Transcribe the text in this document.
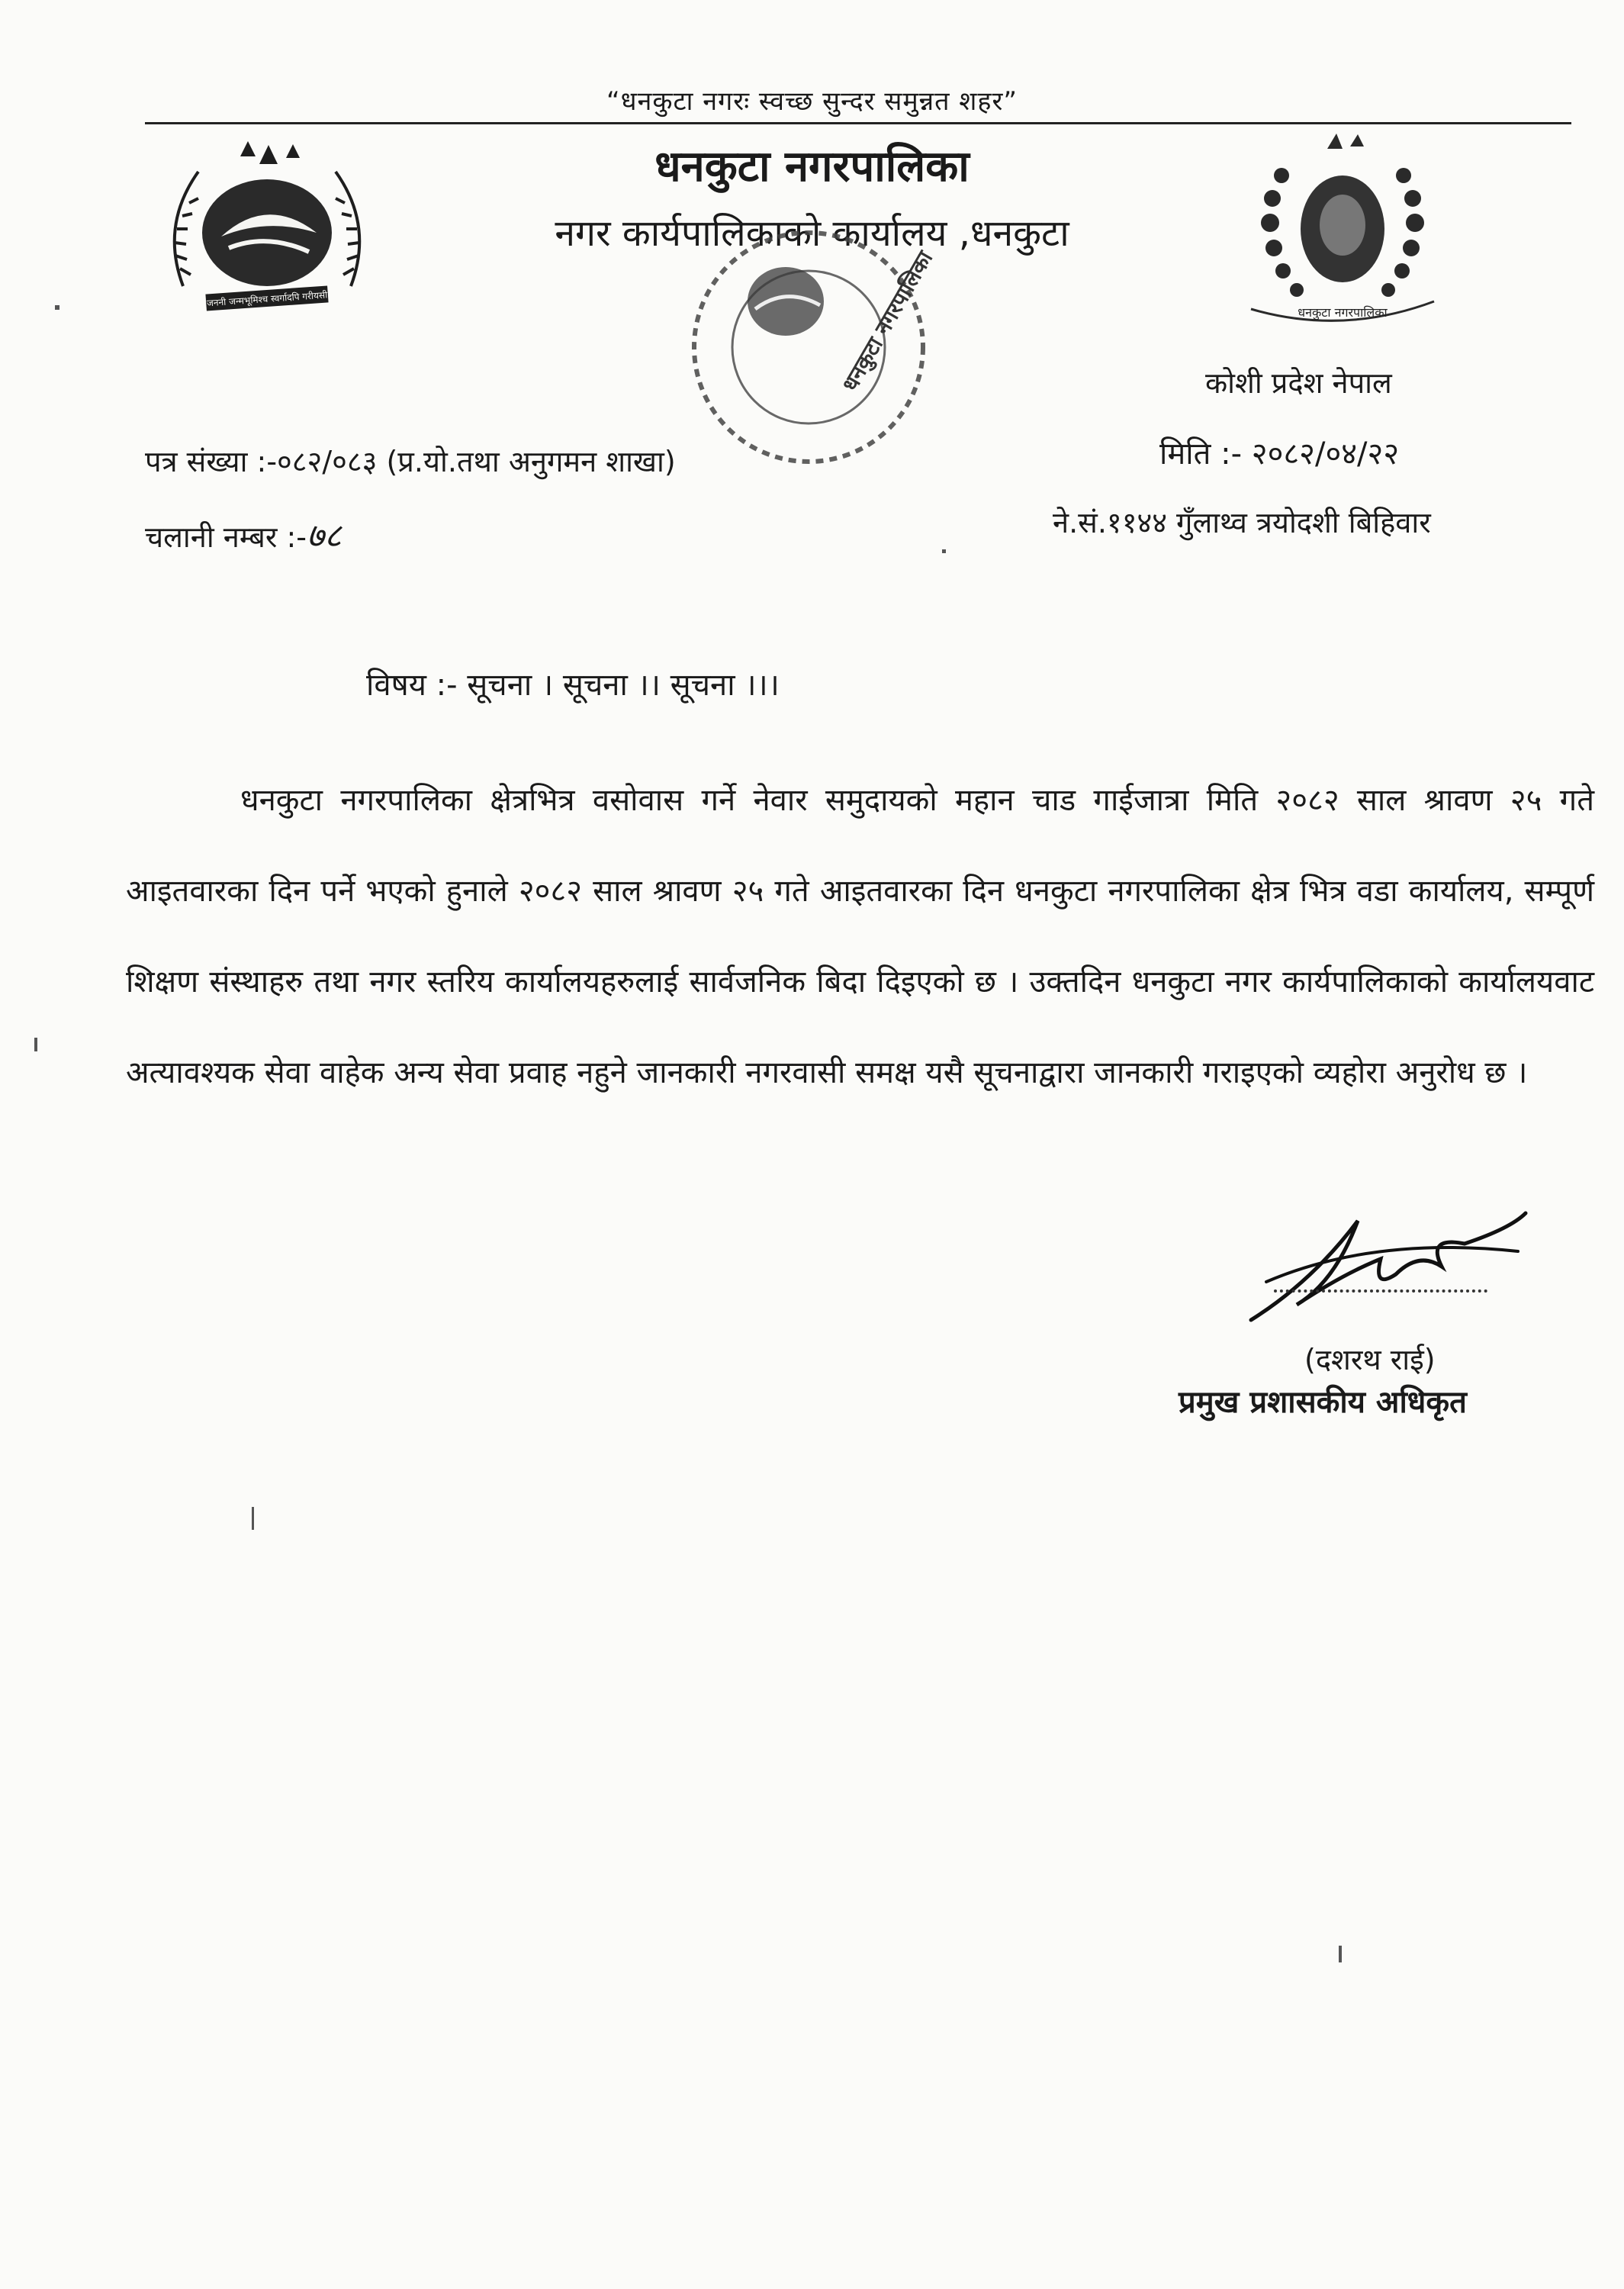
“धनकुटा नगरः स्वच्छ सुन्दर समुन्नत शहर”
धनकुटा नगरपालिका
नगर कार्यपालिकाको कार्यालय ,धनकुटा
जननी जन्मभूमिश्च स्वर्गादपि गरीयसी
धनकुटा नगरपालिका
धनकुटा नगरपालिका	कोशी प्रदेश नेपाल
पत्र संख्या :-०८२/०८३ (प्र.यो.तथा अनुगमन शाखा)	मिति :- २०८२/०४/२२
चलानी नम्बर :-७८	ने.सं.११४४ गुँलाथ्व त्रयोदशी बिहिवार
विषय :- सूचना । सूचना ।। सूचना ।।।
धनकुटा नगरपालिका क्षेत्रभित्र वसोवास गर्ने नेवार समुदायको महान चाड गाईजात्रा मिति २०८२ साल श्रावण २५ गते आइतवारका दिन पर्ने भएको हुनाले २०८२ साल श्रावण २५ गते आइतवारका दिन धनकुटा नगरपालिका क्षेत्र भित्र वडा कार्यालय, सम्पूर्ण शिक्षण संस्थाहरु तथा नगर स्तरिय कार्यालयहरुलाई सार्वजनिक बिदा दिइएको छ । उक्तदिन धनकुटा नगर कार्यपालिकाको कार्यालयवाट अत्यावश्यक सेवा वाहेक अन्य सेवा प्रवाह नहुने जानकारी नगरवासी समक्ष यसै सूचनाद्वारा जानकारी गराइएको व्यहोरा अनुरोध छ ।
(दशरथ राई)
प्रमुख प्रशासकीय अधिकृत
